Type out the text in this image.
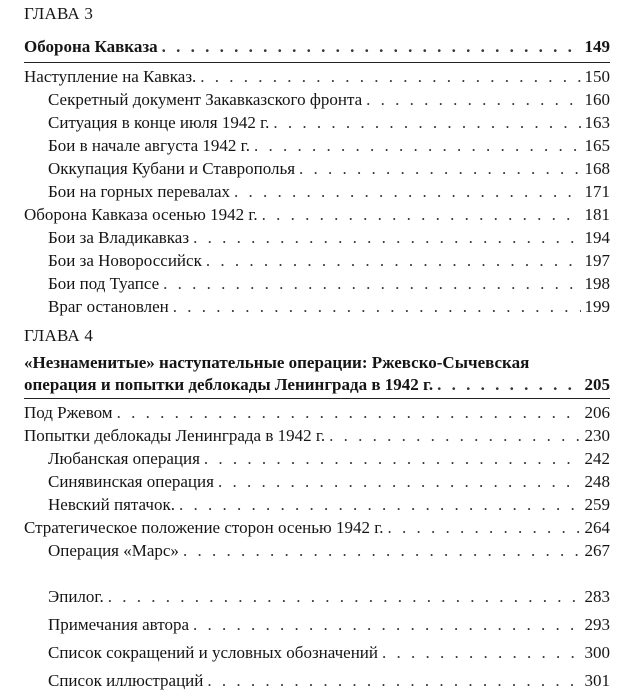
ГЛАВА 3
Оборона Кавказа . . .	149
Наступление на Кавказ. . . .	150
Секретный документ Закавказского фронта . . .	160
Ситуация в конце июля 1942 г. . . .	163
Бои в начале августа 1942 г. . . .	165
Оккупация Кубани и Ставрополья . . .	168
Бои на горных перевалах . . .	171
Оборона Кавказа осенью 1942 г. . . .	181
Бои за Владикавказ . . .	194
Бои за Новороссийск . . .	197
Бои под Туапсе . . .	198
Враг остановлен . . .	199
ГЛАВА 4
«Незнаменитые» наступательные операции: Ржевско-Сычевская
операция и попытки деблокады Ленинграда в 1942 г. . . .	205
Под Ржевом . . .	206
Попытки деблокады Ленинграда в 1942 г. . . .	230
Любанская операция . . .	242
Синявинская операция . . .	248
Невский пятачок. . . .	259
Стратегическое положение сторон осенью 1942 г. . . .	264
Операция «Марс» . . .	267
Эпилог. . . .	283
Примечания автора . . .	293
Список сокращений и условных обозначений . . .	300
Список иллюстраций . . .	301
